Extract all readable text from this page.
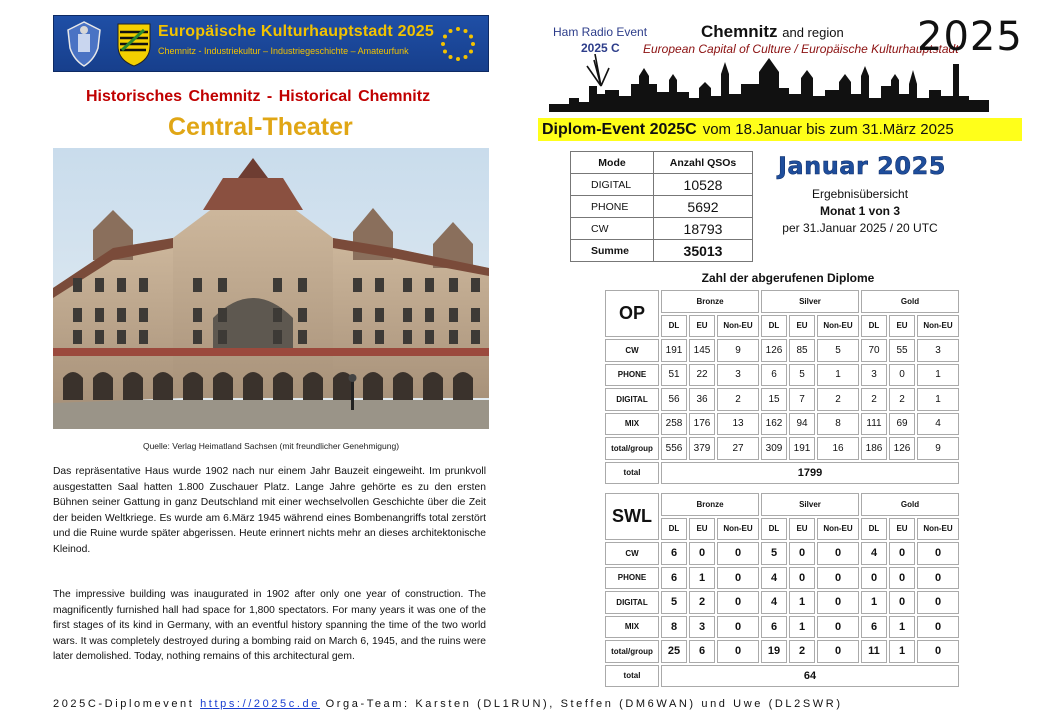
Europäische Kulturhauptstadt 2025
Chemnitz - Industriekultur – Industriegeschichte – Amateurfunk
Ham Radio Event
2025 C
Chemnitz and region
European Capital of Culture / Europäische Kulturhauptstadt
2025
Diplom-Event 2025C vom 18.Januar bis zum 31.März 2025
Historisches Chemnitz - Historical Chemnitz
Central-Theater
Quelle: Verlag Heimatland Sachsen (mit freundlicher Genehmigung)

Das repräsentative Haus wurde 1902 nach nur einem Jahr Bauzeit eingeweiht. Im prunkvoll ausgestatten Saal hatten 1.800 Zuschauer Platz. Lange Jahre gehörte es zu den ersten Bühnen seiner Gattung in ganz Deutschland mit einer wechselvollen Geschichte über die Zeit der beiden Weltkriege. Es wurde am 6.März 1945 während eines Bombenangriffs total zerstört und die Ruine wurde später abgerissen. Heute erinnert nichts mehr an dieses architektonische Kleinod.

The impressive building was inaugurated in 1902 after only one year of construction. The magnificently furnished hall had space for 1,800 spectators. For many years it was one of the first stages of its kind in Germany, with an eventful history spanning the time of the two world wars. It was completely destroyed during a bombing raid on March 6, 1945, and the ruins were later demolished. Today, nothing remains of this architectural gem.

2025C-Diplomevent https://2025c.de Orga-Team: Karsten (DL1RUN), Steffen (DM6WAN) und Uwe (DL2SWR)
Mode	Anzahl QSOs
DIGITAL	10528
PHONE	5692
CW	18793
Summe	35013
Januar 2025
Ergebnisübersicht
Monat 1 von 3
per 31.Januar 2025 / 20 UTC
Zahl der abgerufenen Diplome
OP	Bronze			Silver			Gold		
	DL	EU	Non-EU	DL	EU	Non-EU	DL	EU	Non-EU
CW	191	145	9	126	85	5	70	55	3
PHONE	51	22	3	6	5	1	3	0	1
DIGITAL	56	36	2	15	7	2	2	2	1
MIX	258	176	13	162	94	8	111	69	4
total/group	556	379	27	309	191	16	186	126	9
total	1799								
SWL	Bronze			Silver			Gold		
	DL	EU	Non-EU	DL	EU	Non-EU	DL	EU	Non-EU
CW	6	0	0	5	0	0	4	0	0
PHONE	6	1	0	4	0	0	0	0	0
DIGITAL	5	2	0	4	1	0	1	0	0
MIX	8	3	0	6	1	0	6	1	0
total/group	25	6	0	19	2	0	11	1	0
total	64								
